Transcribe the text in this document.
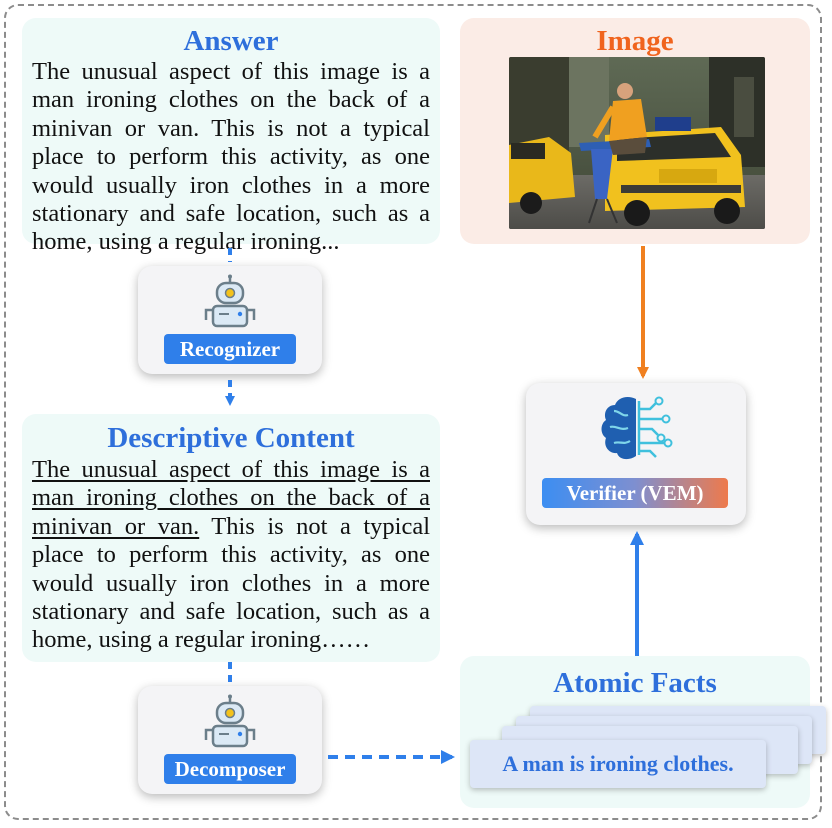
Answer
The unusual aspect of this image is a man ironing clothes on the back of a minivan or van. This is not a typical place to perform this activity, as one would usually iron clothes in a more stationary and safe location, such as a home, using a regular ironing...
Image
Recognizer
Descriptive Content
The unusual aspect of this image is a man ironing clothes on the back of a minivan or van. This is not a typical place to perform this activity, as one would usually iron clothes in a more stationary and safe location, such as a home, using a regular ironing……
Verifier (VEM)
Decomposer
Atomic Facts
A man is ironing clothes.
